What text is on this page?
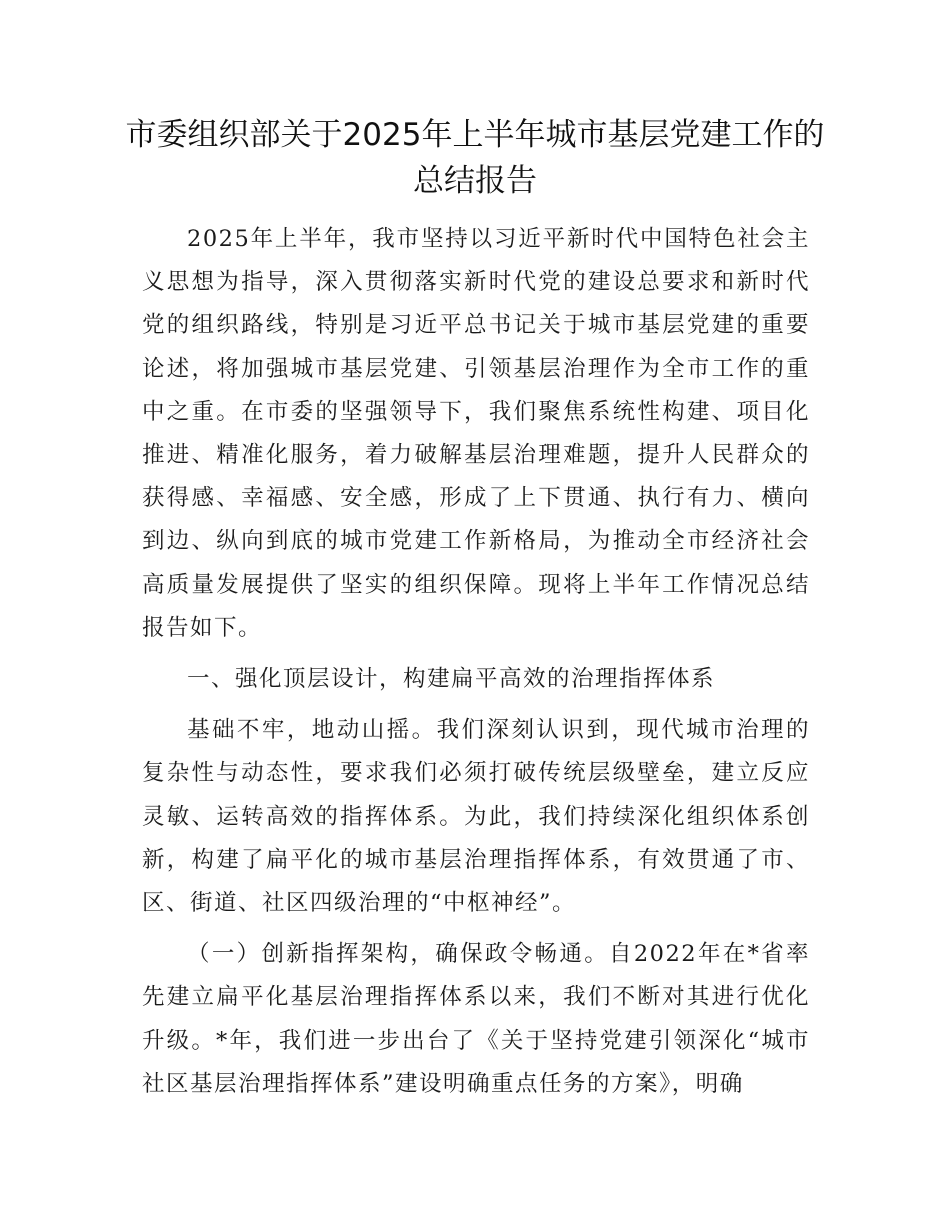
市委组织部关于2025年上半年城市基层党建工作的总结报告

2025年上半年，我市坚持以习近平新时代中国特色社会主义思想为指导，深入贯彻落实新时代党的建设总要求和新时代党的组织路线，特别是习近平总书记关于城市基层党建的重要论述，将加强城市基层党建、引领基层治理作为全市工作的重中之重。在市委的坚强领导下，我们聚焦系统性构建、项目化推进、精准化服务，着力破解基层治理难题，提升人民群众的获得感、幸福感、安全感，形成了上下贯通、执行有力、横向到边、纵向到底的城市党建工作新格局，为推动全市经济社会高质量发展提供了坚实的组织保障。现将上半年工作情况总结报告如下。

一、强化顶层设计，构建扁平高效的治理指挥体系

基础不牢，地动山摇。我们深刻认识到，现代城市治理的复杂性与动态性，要求我们必须打破传统层级壁垒，建立反应灵敏、运转高效的指挥体系。为此，我们持续深化组织体系创新，构建了扁平化的城市基层治理指挥体系，有效贯通了市、区、街道、社区四级治理的“中枢神经”。

（一）创新指挥架构，确保政令畅通。自2022年在*省率先建立扁平化基层治理指挥体系以来，我们不断对其进行优化升级。*年，我们进一步出台了《关于坚持党建引领深化“城市社区基层治理指挥体系”建设明确重点任务的方案》，明确
